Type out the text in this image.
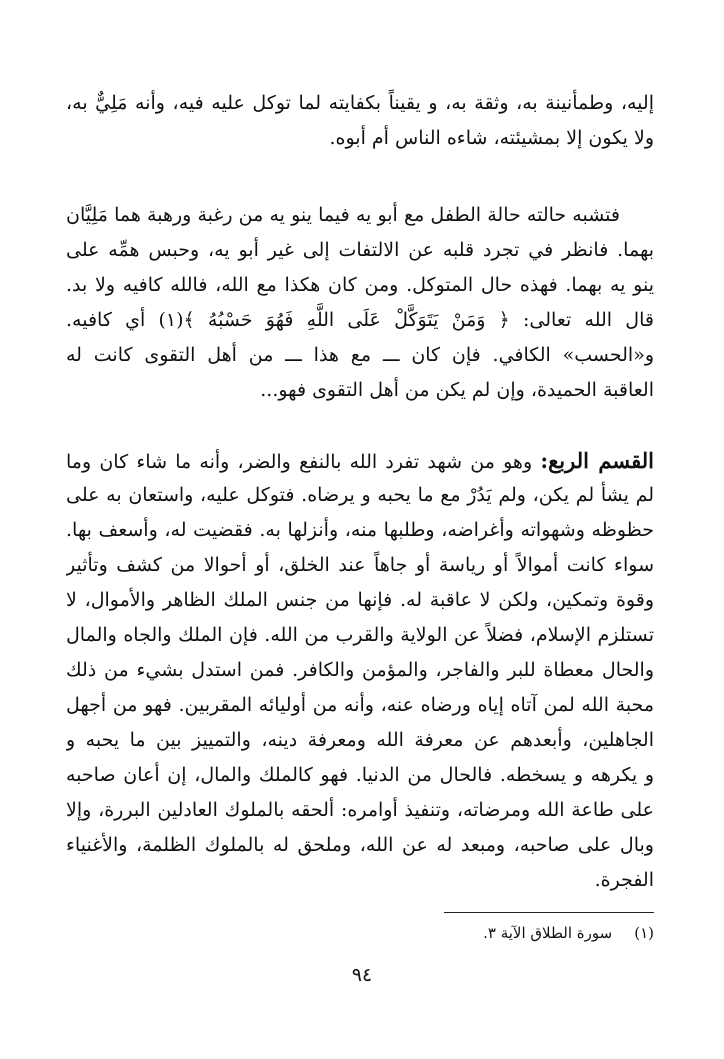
إليه، وطمأنينة به، وثقة به، و يقيناً بكفايته لما توكل عليه فيه، وأنه مَلِيٌّ به،
ولا يكون إلا بمشيئته، شاءه الناس أم أبوه.
فتشبه حالته حالة الطفل مع أبو يه فيما ينو يه من رغبة ورهبة هما مَلِيَّان
بهما. فانظر في تجرد قلبه عن الالتفات إلى غير أبو يه، وحبس همِّه على
ينو يه بهما. فهذه حال المتوكل. ومن كان هكذا مع الله، فالله كافيه ولا بد.
قال الله تعالى: ﴿ وَمَنْ يَتَوَكَّلْ عَلَى اللَّهِ فَهُوَ حَسْبُهُ ﴾(١) أي كافيه.
و«الحسب» الكافي. فإن كان ـــ مع هذا ـــ من أهل التقوى كانت له
العاقبة الحميدة، وإن لم يكن من أهل التقوى فهو...
القسم الربع: وهو من شهد تفرد الله بالنفع والضر، وأنه ما شاء كان وما
لم يشأ لم يكن، ولم يَدُرْ مع ما يحبه و يرضاه. فتوكل عليه، واستعان به على
حظوظه وشهواته وأغراضه، وطلبها منه، وأنزلها به. فقضيت له، وأسعف بها.
سواء كانت أموالاً أو رياسة أو جاهاً عند الخلق، أو أحوالا من كشف وتأثير
وقوة وتمكين، ولكن لا عاقبة له. فإنها من جنس الملك الظاهر والأموال، لا
تستلزم الإسلام، فضلاً عن الولاية والقرب من الله. فإن الملك والجاه والمال
والحال معطاة للبر والفاجر، والمؤمن والكافر. فمن استدل بشيء من ذلك
محبة الله لمن آتاه إياه ورضاه عنه، وأنه من أوليائه المقربين. فهو من أجهل
الجاهلين، وأبعدهم عن معرفة الله ومعرفة دينه، والتمييز بين ما يحبه و
و يكرهه و يسخطه. فالحال من الدنيا. فهو كالملك والمال، إن أعان صاحبه
على طاعة الله ومرضاته، وتنفيذ أوامره: ألحقه بالملوك العادلين البررة، وإلا
وبال على صاحبه، ومبعد له عن الله، وملحق له بالملوك الظلمة، والأغنياء
الفجرة.
(١)سورة الطلاق الآية ٣.
٩٤
